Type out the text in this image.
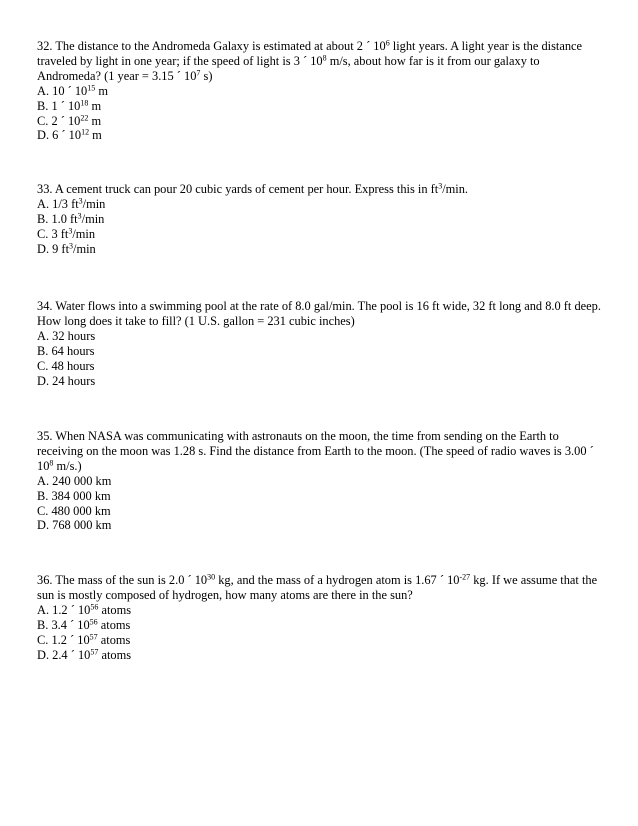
32. The distance to the Andromeda Galaxy is estimated at about 2 ´ $10^6$ light years. A light year is the distance traveled by light in one year; if the speed of light is 3 ´ $10^8$ m/s, about how far is it from our galaxy to Andromeda? (1 year = 3.15 ´ $10^7$ s)

A. 10 ´ $10^{15}$ m
B. 1 ´ $10^{18}$ m
C. 2 ´ $10^{22}$ m
D. 6 ´ $10^{12}$ m

33. A cement truck can pour 20 cubic yards of cement per hour. Express this in $ft^3/\min$.

A. 1/3 $ft^3/\min$
B. 1.0 $ft^3/\min$
C. 3 $ft^3/\min$
D. 9 $ft^3/\min$

34. Water flows into a swimming pool at the rate of 8.0 gal/min. The pool is 16 ft wide, 32 ft long and 8.0 ft deep. How long does it take to fill? (1 U.S. gallon = 231 cubic inches)

A. 32 hours
B. 64 hours
C. 48 hours
D. 24 hours

35. When NASA was communicating with astronauts on the moon, the time from sending on the Earth to receiving on the moon was 1.28 s. Find the distance from Earth to the moon. (The speed of radio waves is 3.00 ´ $10^8$ m/s.)

A. 240 000 km
B. 384 000 km
C. 480 000 km
D. 768 000 km

36. The mass of the sun is 2.0 ´ $10^{30}$ kg, and the mass of a hydrogen atom is 1.67 ´ $10^{-27}$ kg. If we assume that the sun is mostly composed of hydrogen, how many atoms are there in the sun?

A. 1.2 ´ $10^{56}$ atoms
B. 3.4 ´ $10^{56}$ atoms
C. 1.2 ´ $10^{57}$ atoms
D. 2.4 ´ $10^{57}$ atoms
